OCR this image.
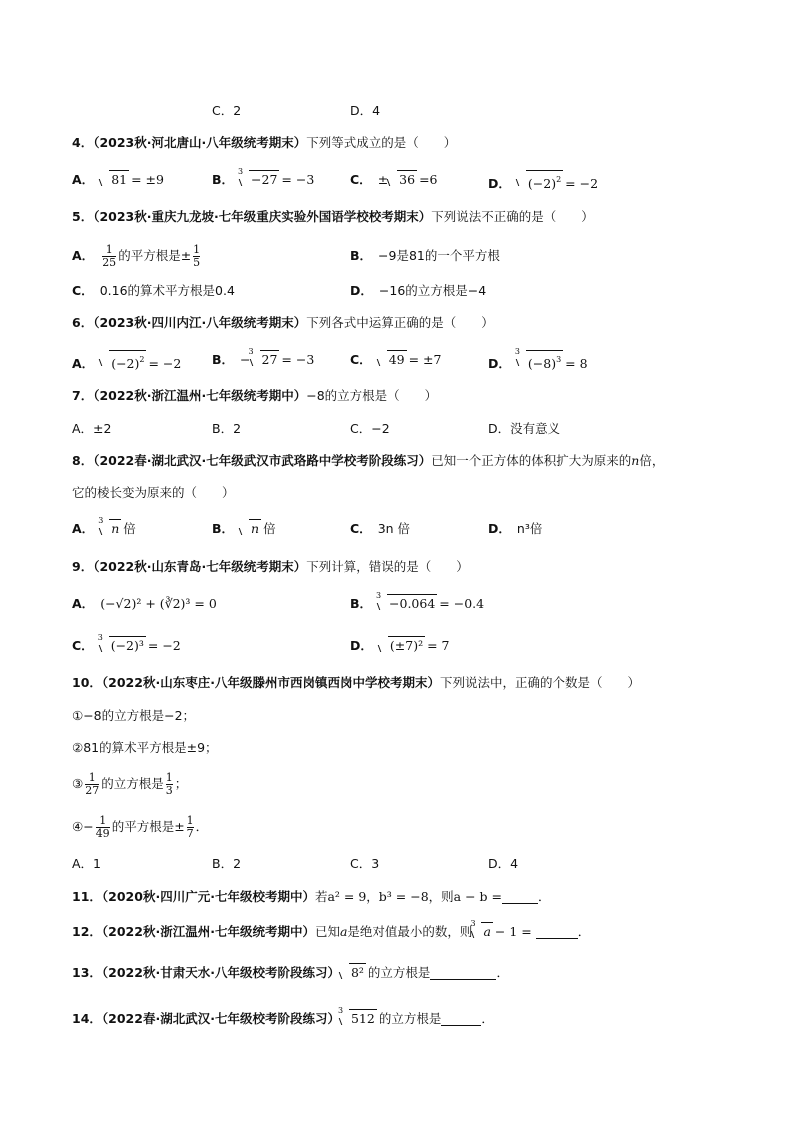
C．2	D．4
4．（2023秋·河北唐山·八年级统考期末）下列等式成立的是（　　）
A． 81 = ±9	B．
3
−27 = −3	C． ± 36 =6	D． $(-2)^2 = -2$
5．（2023秋·重庆九龙坡·七年级重庆实验外国语学校校考期末）下列说法不正确的是（　　）
A． $\frac{1}{25}$ 的平方根是± $\frac{1}{5}$	B． −9是81的一个平方根
C． 0.16的算术平方根是0.4	D． −16的立方根是−4
6．（2023秋·四川内江·八年级统考期末）下列各式中运算正确的是（　　）
A． $(-2)^2 = -2$ B． −
3
27 = −3	C． 49 = ±7	D．
3
$(-8)^3 = 8$
7．（2022秋·浙江温州·七年级统考期中）−8的立方根是（　　）
A．±2	B．2	C．−2	D．没有意义
8．（2022春·湖北武汉·七年级武汉市武珞路中学校考阶段练习）已知一个正方体的体积扩大为原来的n倍，
它的棱长变为原来的（　　）
A．
3
n 倍	B． n 倍	C． 3n 倍	D． n³倍
9．（2022秋·山东青岛·七年级统考期末）下列计算，错误的是（　　）
A． (−√2)² + (∛2)³ = 0	B．
3
−0.064 = −0.4
C．
3
(−2)³ = −2	D． (±7)² = 7
10．（2022秋·山东枣庄·八年级滕州市西岗镇西岗中学校考期末）下列说法中，正确的个数是（　　）
①−8的立方根是−2；
②81的算术平方根是±9；
③ $\frac{1}{27}$ 的立方根是 $\frac{1}{3}$ ；
④− $\frac{1}{49}$ 的平方根是± $\frac{1}{7}$ ．
A．1	B．2	C．3	D．4
11．（2020秋·四川广元·七年级校考期中）若a² = 9，b³ = −8，则a − b =	．
12．（2022秋·浙江温州·七年级统考期中）已知a是绝对值最小的数，则
3
a − 1 =	．
13．（2022秋·甘肃天水·八年级校考阶段练习） 8² 的立方根是	．
14．（2022春·湖北武汉·七年级校考阶段练习）
3
512 的立方根是	．
